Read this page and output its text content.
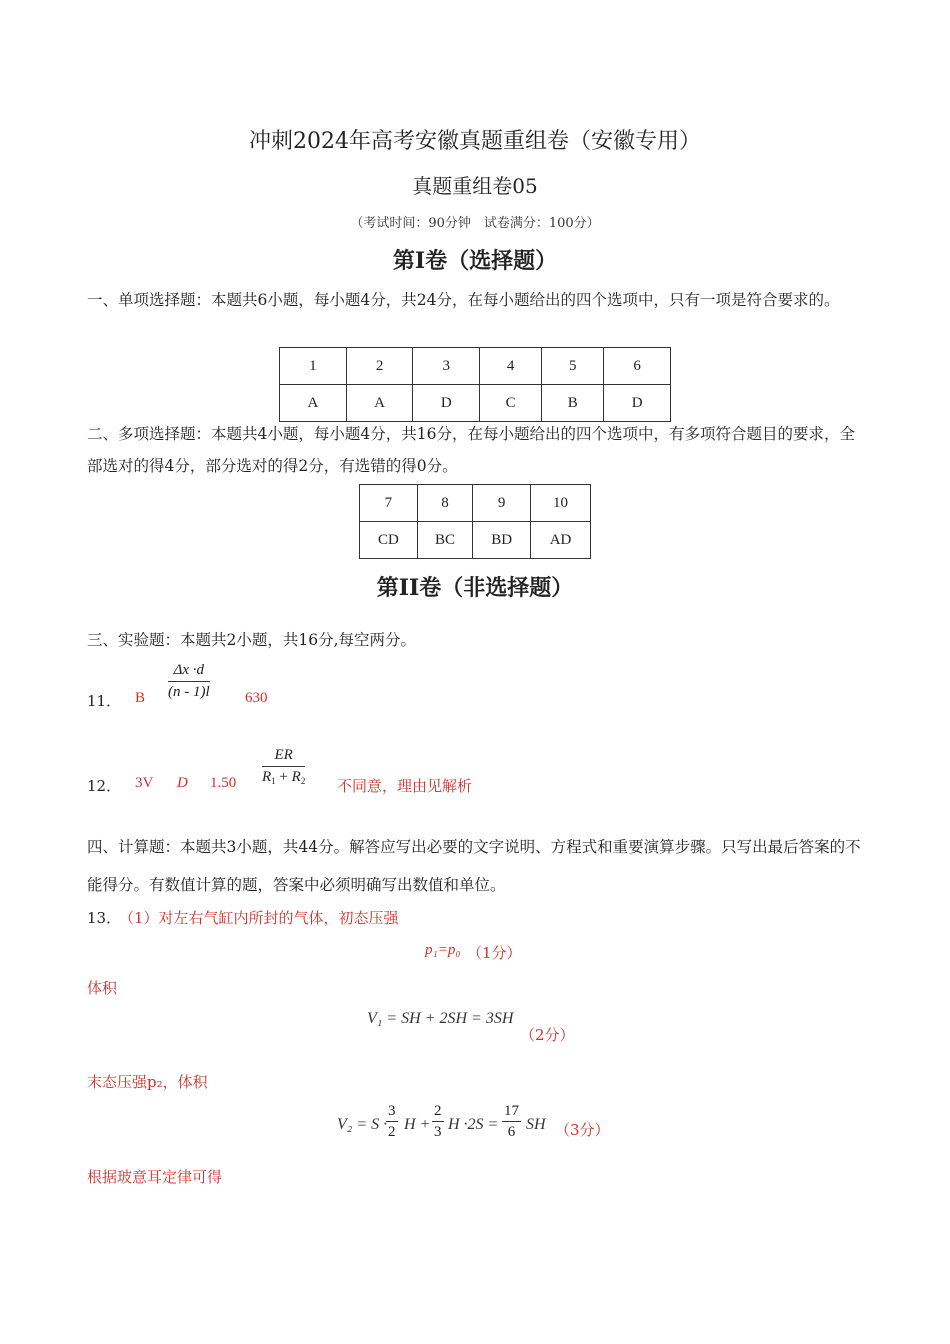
冲刺2024年高考安徽真题重组卷（安徽专用）
真题重组卷05
（考试时间：90分钟　试卷满分：100分）
第I卷（选择题）
一、单项选择题：本题共6小题，每小题4分，共24分，在每小题给出的四个选项中，只有一项是符合要求的。
1	2	3	4	5	6
A	A	D	C	B	D
二、多项选择题：本题共4小题，每小题4分，共16分，在每小题给出的四个选项中，有多项符合题目的要求，全部选对的得4分，部分选对的得2分，有选错的得0分。
7	8	9	10
CD	BC	BD	AD
第II卷（非选择题）
三、实验题：本题共2小题，共16分,每空两分。
11． B $\frac{\Delta x \cdot d}{(n - 1)l} 630$
12． 3V D $1.50 \frac{ER}{R_1 + R_2}$ 不同意，理由见解析
四、计算题：本题共3小题，共44分。解答应写出必要的文字说明、方程式和重要演算步骤。只写出最后答案的不能得分。有数值计算的题，答案中必须明确写出数值和单位。
13．
（1）对左右气缸内所封的气体，初态压强
p₁=p₀ （1分）
体积
V₁ = SH + 2SH = 3SH
（2分）
末态压强p₂，体积
V₂ = S ·
$\frac{3}{2}$ $H + \frac{2}{3}$ $H \cdot 2S = \frac{17}{6}$ SH （3分）
根据玻意耳定律可得
